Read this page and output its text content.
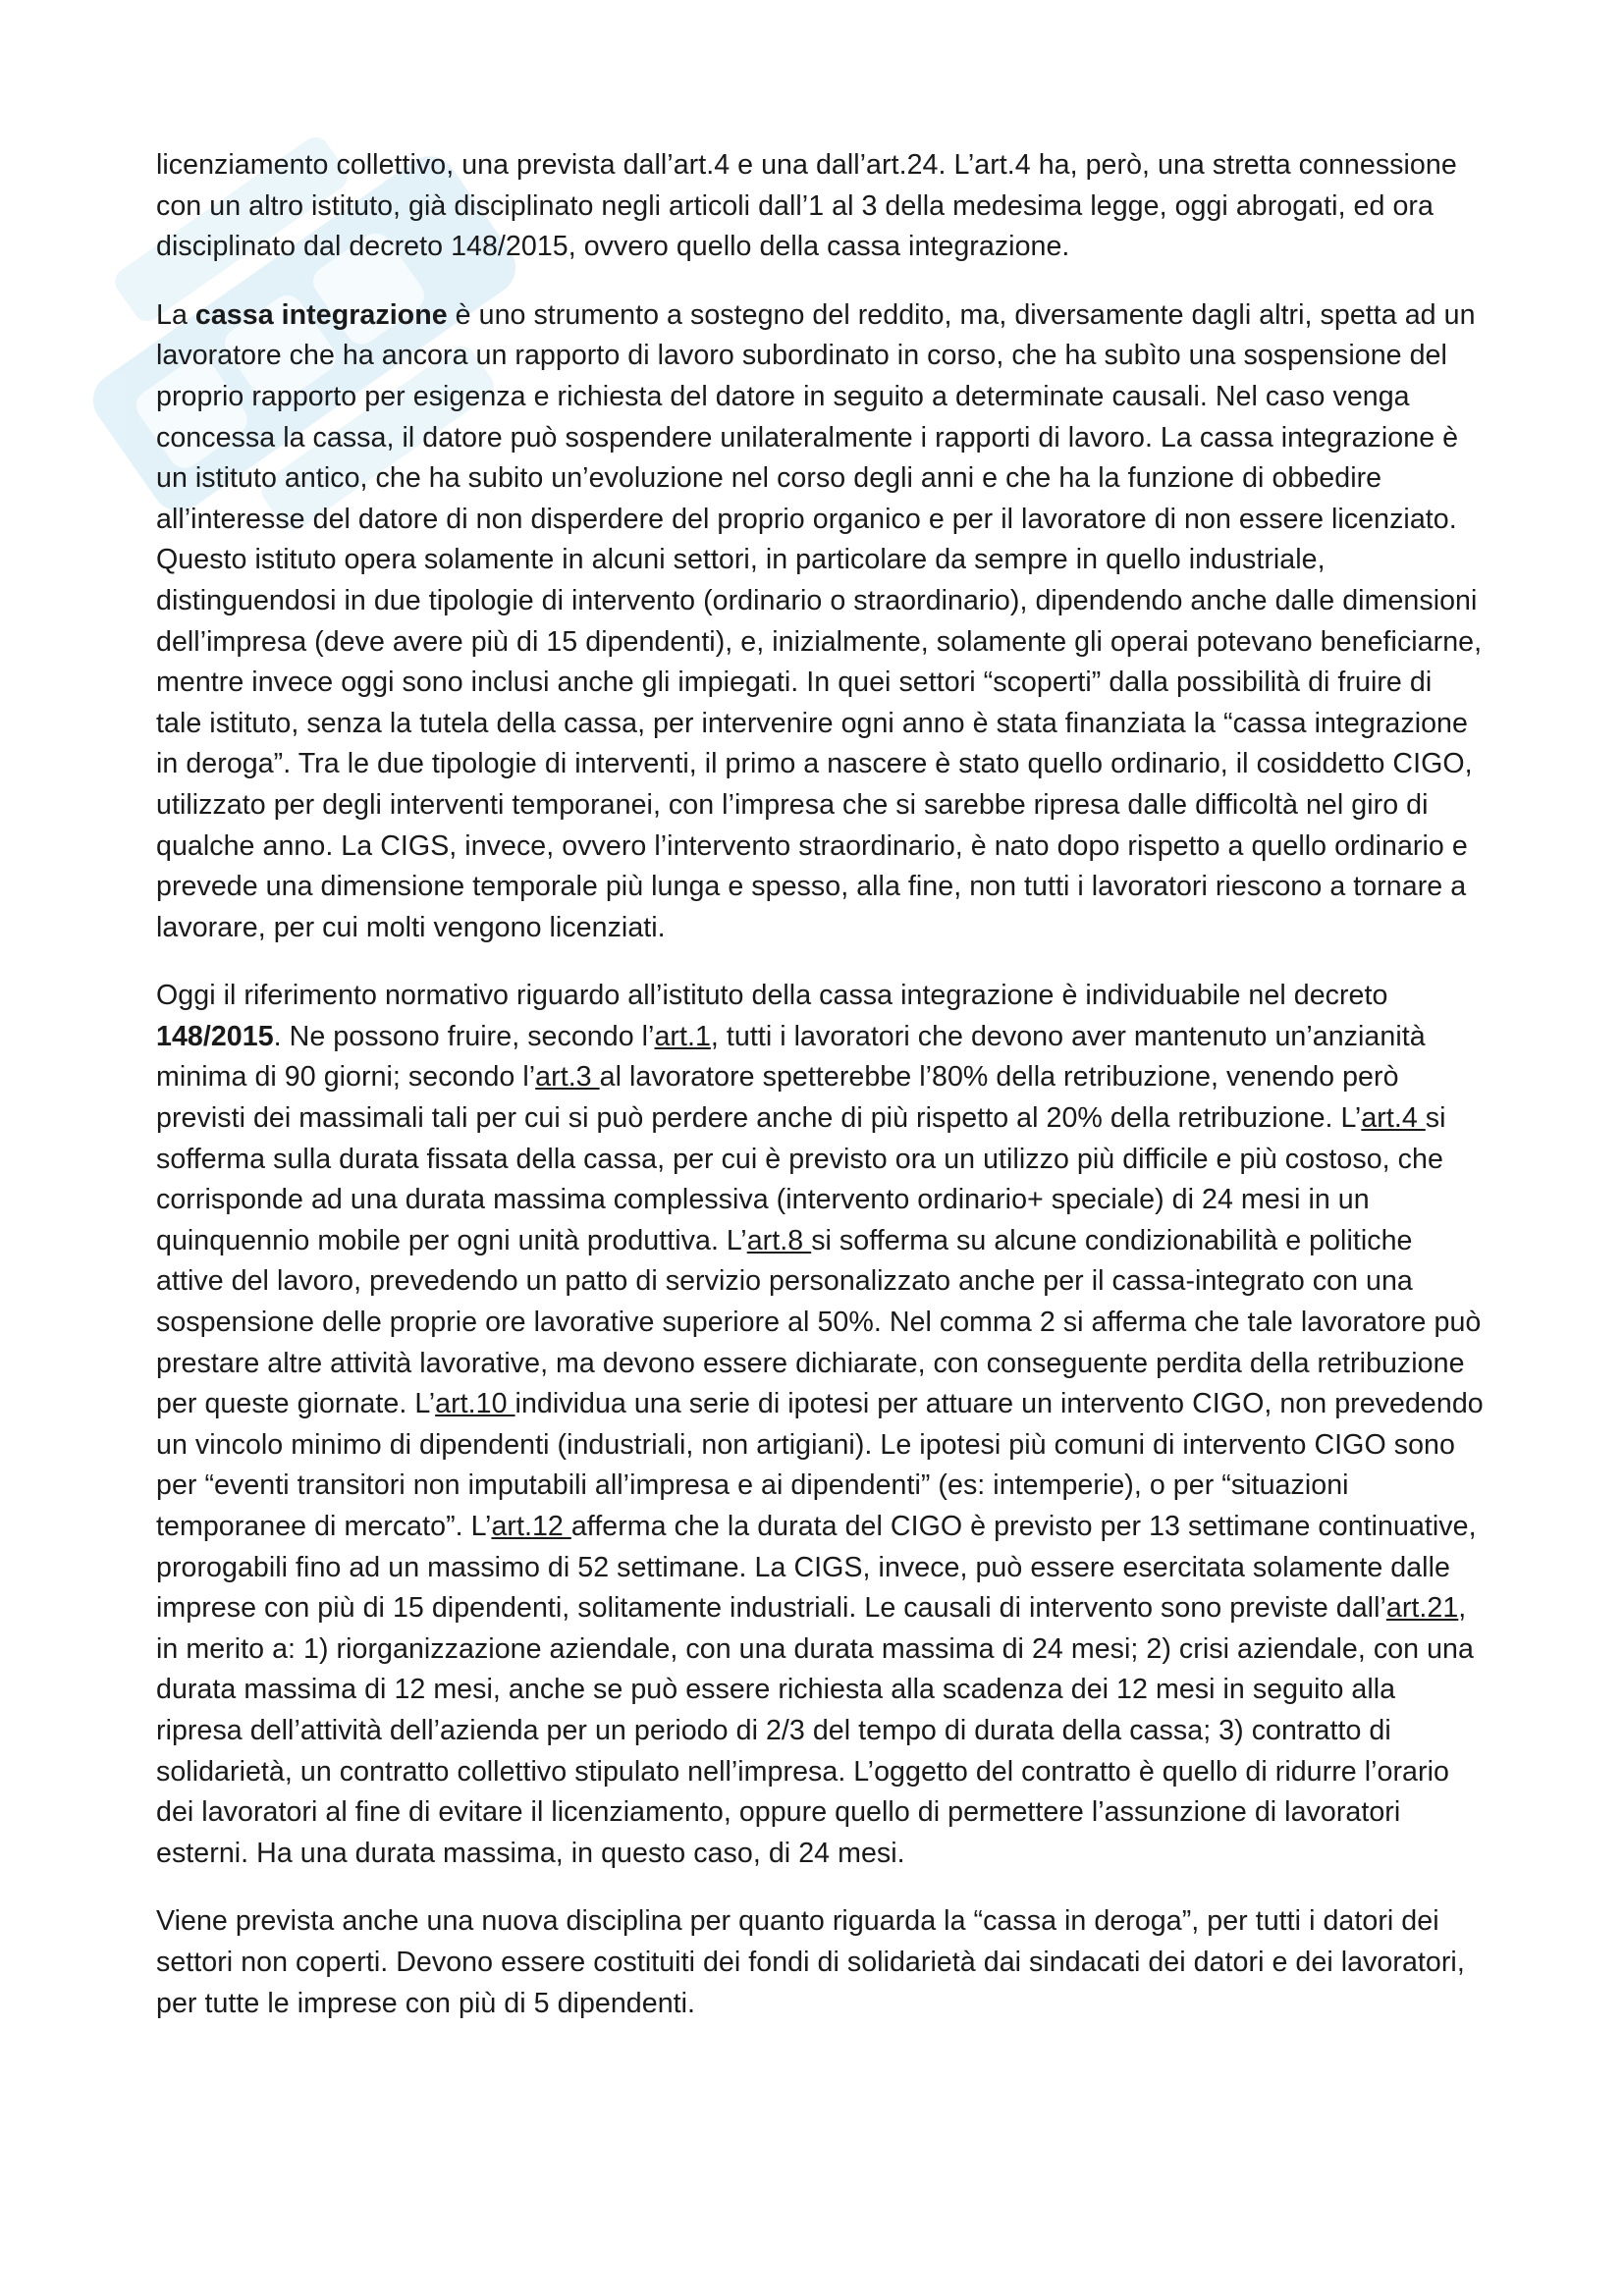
licenziamento collettivo, una prevista dall’art.4 e una dall’art.24. L’art.4 ha, però, una stretta connessione con un altro istituto, già disciplinato negli articoli dall’1 al 3 della medesima legge, oggi abrogati, ed ora disciplinato dal decreto 148/2015, ovvero quello della cassa integrazione.

La cassa integrazione è uno strumento a sostegno del reddito, ma, diversamente dagli altri, spetta ad un lavoratore che ha ancora un rapporto di lavoro subordinato in corso, che ha subìto una sospensione del proprio rapporto per esigenza e richiesta del datore in seguito a determinate causali. Nel caso venga concessa la cassa, il datore può sospendere unilateralmente i rapporti di lavoro. La cassa integrazione è un istituto antico, che ha subito un’evoluzione nel corso degli anni e che ha la funzione di obbedire all’interesse del datore di non disperdere del proprio organico e per il lavoratore di non essere licenziato. Questo istituto opera solamente in alcuni settori, in particolare da sempre in quello industriale, distinguendosi in due tipologie di intervento (ordinario o straordinario), dipendendo anche dalle dimensioni dell’impresa (deve avere più di 15 dipendenti), e, inizialmente, solamente gli operai potevano beneficiarne, mentre invece oggi sono inclusi anche gli impiegati. In quei settori “scoperti” dalla possibilità di fruire di tale istituto, senza la tutela della cassa, per intervenire ogni anno è stata finanziata la “cassa integrazione in deroga”. Tra le due tipologie di interventi, il primo a nascere è stato quello ordinario, il cosiddetto CIGO, utilizzato per degli interventi temporanei, con l’impresa che si sarebbe ripresa dalle difficoltà nel giro di qualche anno. La CIGS, invece, ovvero l’intervento straordinario, è nato dopo rispetto a quello ordinario e prevede una dimensione temporale più lunga e spesso, alla fine, non tutti i lavoratori riescono a tornare a lavorare, per cui molti vengono licenziati.

Oggi il riferimento normativo riguardo all’istituto della cassa integrazione è individuabile nel decreto 148/2015. Ne possono fruire, secondo l’art.1, tutti i lavoratori che devono aver mantenuto un’anzianità minima di 90 giorni; secondo l’art.3 al lavoratore spetterebbe l’80% della retribuzione, venendo però previsti dei massimali tali per cui si può perdere anche di più rispetto al 20% della retribuzione. L’art.4 si sofferma sulla durata fissata della cassa, per cui è previsto ora un utilizzo più difficile e più costoso, che corrisponde ad una durata massima complessiva (intervento ordinario+ speciale) di 24 mesi in un quinquennio mobile per ogni unità produttiva. L’art.8 si sofferma su alcune condizionabilità e politiche attive del lavoro, prevedendo un patto di servizio personalizzato anche per il cassa-integrato con una sospensione delle proprie ore lavorative superiore al 50%. Nel comma 2 si afferma che tale lavoratore può prestare altre attività lavorative, ma devono essere dichiarate, con conseguente perdita della retribuzione per queste giornate. L’art.10 individua una serie di ipotesi per attuare un intervento CIGO, non prevedendo un vincolo minimo di dipendenti (industriali, non artigiani). Le ipotesi più comuni di intervento CIGO sono per “eventi transitori non imputabili all’impresa e ai dipendenti” (es: intemperie), o per “situazioni temporanee di mercato”. L’art.12 afferma che la durata del CIGO è previsto per 13 settimane continuative, prorogabili fino ad un massimo di 52 settimane. La CIGS, invece, può essere esercitata solamente dalle imprese con più di 15 dipendenti, solitamente industriali. Le causali di intervento sono previste dall’art.21, in merito a: 1) riorganizzazione aziendale, con una durata massima di 24 mesi; 2) crisi aziendale, con una durata massima di 12 mesi, anche se può essere richiesta alla scadenza dei 12 mesi in seguito alla ripresa dell’attività dell’azienda per un periodo di 2/3 del tempo di durata della cassa; 3) contratto di solidarietà, un contratto collettivo stipulato nell’impresa. L’oggetto del contratto è quello di ridurre l’orario dei lavoratori al fine di evitare il licenziamento, oppure quello di permettere l’assunzione di lavoratori esterni. Ha una durata massima, in questo caso, di 24 mesi.

Viene prevista anche una nuova disciplina per quanto riguarda la “cassa in deroga”, per tutti i datori dei settori non coperti. Devono essere costituiti dei fondi di solidarietà dai sindacati dei datori e dei lavoratori, per tutte le imprese con più di 5 dipendenti.
